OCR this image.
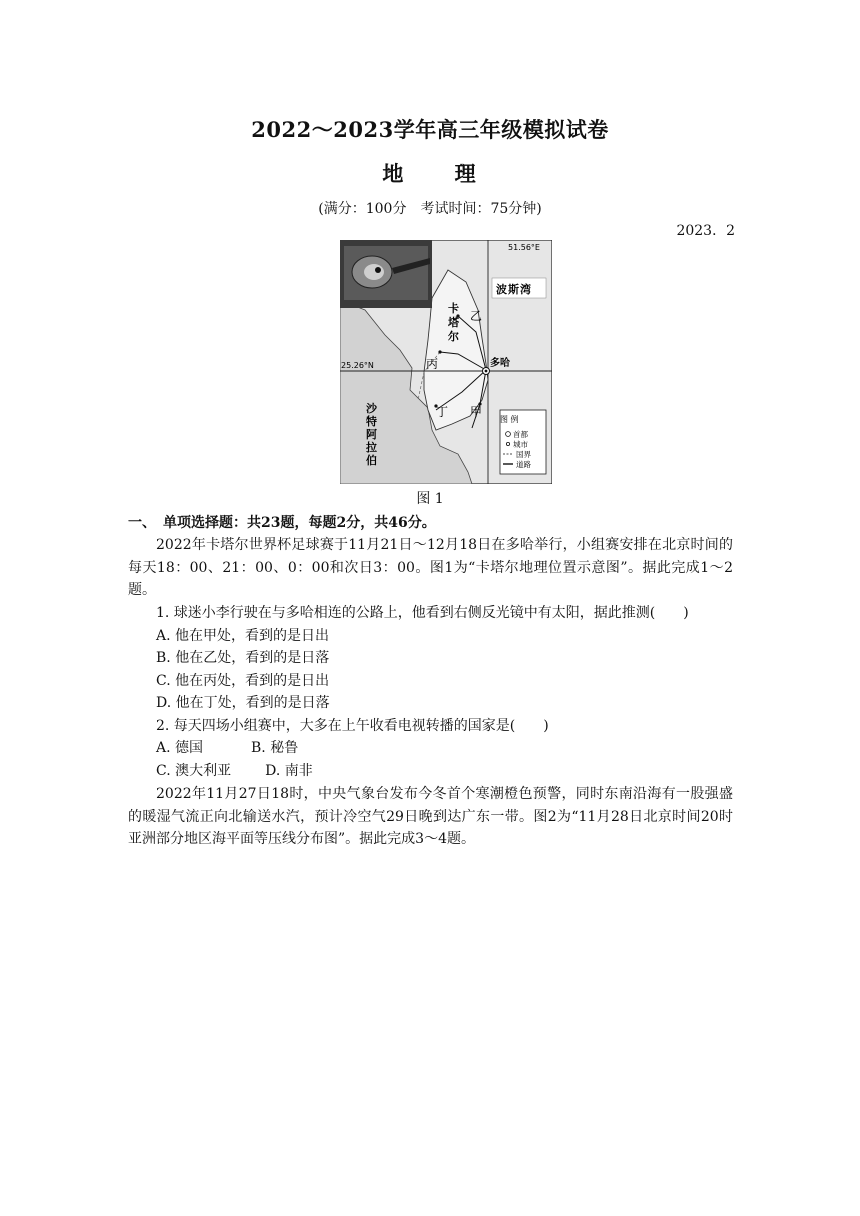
2022～2023学年高三年级模拟试卷
地 理
(满分：100分　考试时间：75分钟)
2023．2
51.56°E
25.26°N
波斯湾
多哈
图 例
首都
城市
国界
道路
乙
丙
丁 甲
卡 塔 尔
沙 特 阿 拉 伯
图 1
一、　单项选择题：共23题，每题2分，共46分。
2022年卡塔尔世界杯足球赛于11月21日～12月18日在多哈举行，小组赛安排在北京时间的每天18：00、21：00、0：00和次日3：00。图1为“卡塔尔地理位置示意图”。据此完成1～2题。
1. 球迷小李行驶在与多哈相连的公路上，他看到右侧反光镜中有太阳，据此推测(　　)
A. 他在甲处，看到的是日出
B. 他在乙处，看到的是日落
C. 他在丙处，看到的是日出
D. 他在丁处，看到的是日落
2. 每天四场小组赛中，大多在上午收看电视转播的国家是(　　)
A. 德国	B. 秘鲁
C. 澳大利亚 D. 南非
2022年11月27日18时，中央气象台发布今冬首个寒潮橙色预警，同时东南沿海有一股强盛的暖湿气流正向北输送水汽，预计冷空气29日晚到达广东一带。图2为“11月28日北京时间20时亚洲部分地区海平面等压线分布图”。据此完成3～4题。
